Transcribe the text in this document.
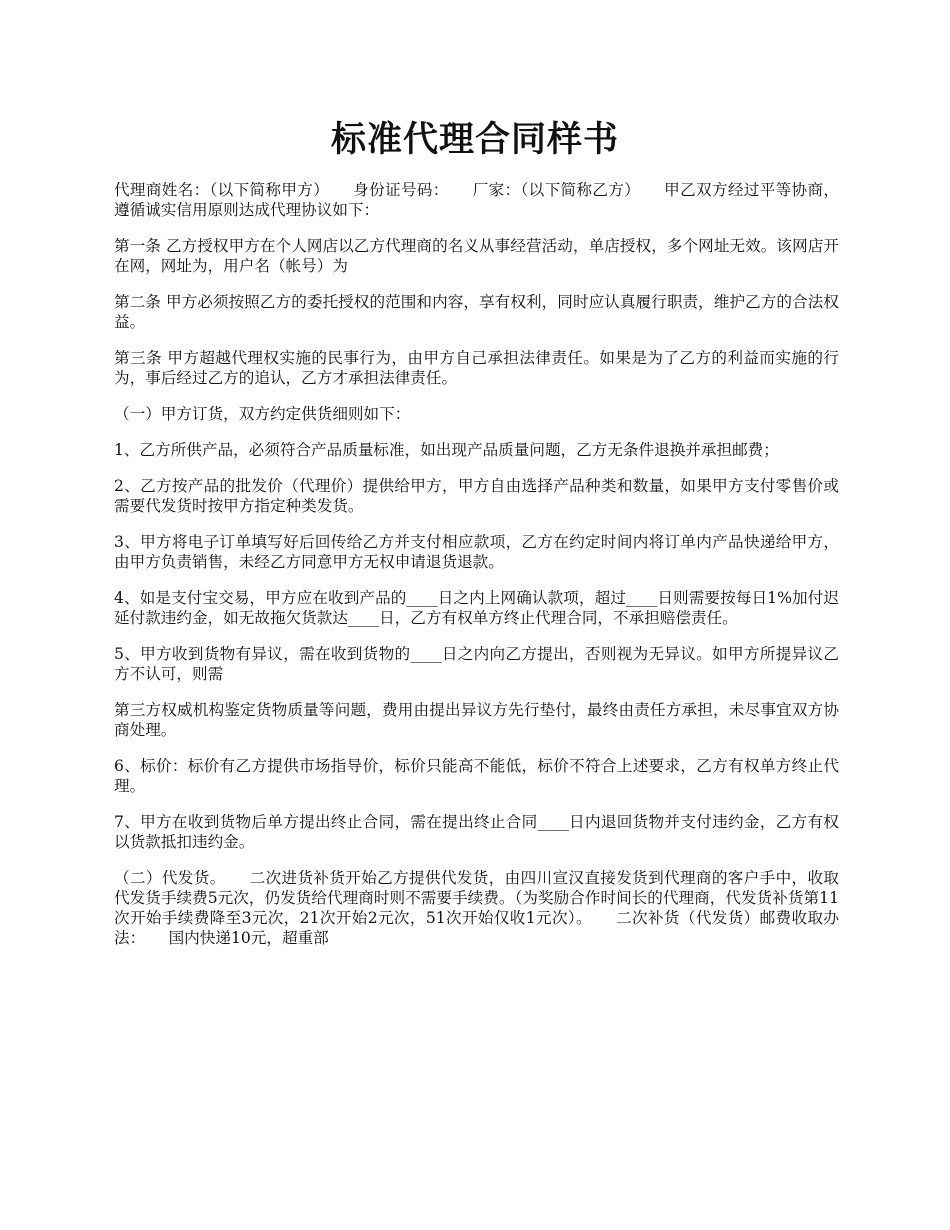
标准代理合同样书

代理商姓名：（以下简称甲方）　　身份证号码：　　厂家：（以下简称乙方）　　甲乙双方经过平等协商，遵循诚实信用原则达成代理协议如下：

第一条 乙方授权甲方在个人网店以乙方代理商的名义从事经营活动，单店授权，多个网址无效。该网店开在网，网址为，用户名（帐号）为

第二条 甲方必须按照乙方的委托授权的范围和内容，享有权利，同时应认真履行职责，维护乙方的合法权益。

第三条 甲方超越代理权实施的民事行为，由甲方自己承担法律责任。如果是为了乙方的利益而实施的行为，事后经过乙方的追认，乙方才承担法律责任。

（一）甲方订货，双方约定供货细则如下：

1、乙方所供产品，必须符合产品质量标准，如出现产品质量问题，乙方无条件退换并承担邮费；

2、乙方按产品的批发价（代理价）提供给甲方，甲方自由选择产品种类和数量，如果甲方支付零售价或需要代发货时按甲方指定种类发货。

3、甲方将电子订单填写好后回传给乙方并支付相应款项，乙方在约定时间内将订单内产品快递给甲方，由甲方负责销售，未经乙方同意甲方无权申请退货退款。

4、如是支付宝交易，甲方应在收到产品的____日之内上网确认款项，超过____日则需要按每日1%加付迟延付款违约金，如无故拖欠货款达____日，乙方有权单方终止代理合同，不承担赔偿责任。

5、甲方收到货物有异议，需在收到货物的____日之内向乙方提出，否则视为无异议。如甲方所提异议乙方不认可，则需

第三方权威机构鉴定货物质量等问题，费用由提出异议方先行垫付，最终由责任方承担，未尽事宜双方协商处理。

6、标价：标价有乙方提供市场指导价，标价只能高不能低，标价不符合上述要求，乙方有权单方终止代理。

7、甲方在收到货物后单方提出终止合同，需在提出终止合同____日内退回货物并支付违约金，乙方有权以货款抵扣违约金。

（二）代发货。　　二次进货补货开始乙方提供代发货，由四川宣汉直接发货到代理商的客户手中，收取代发货手续费5元次，仍发货给代理商时则不需要手续费。（为奖励合作时间长的代理商，代发货补货第11次开始手续费降至3元次，21次开始2元次，51次开始仅收1元次）。　　二次补货（代发货）邮费收取办法：　　国内快递10元，超重部
